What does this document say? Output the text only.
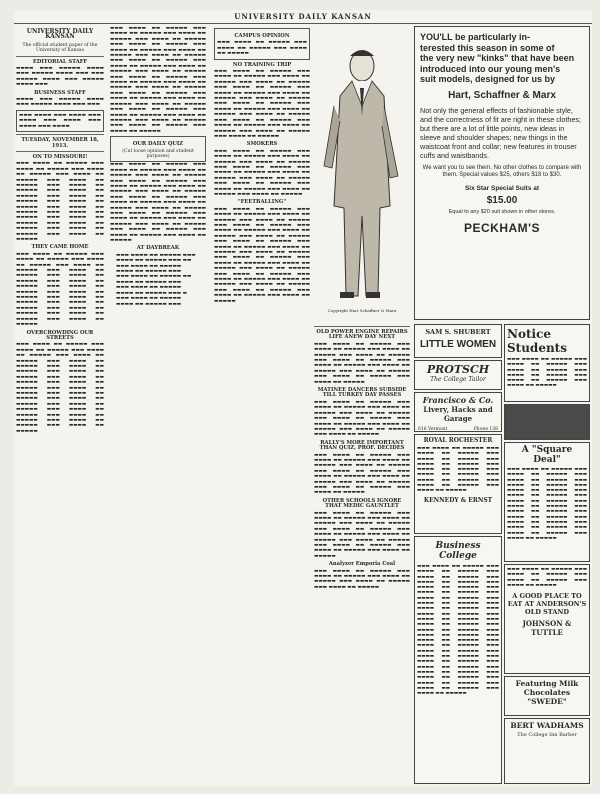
UNIVERSITY DAILY KANSAN
UNIVERSITY DAILY KANSAN
The official student paper of the University of Kansas
EDITORIAL STAFF
▬▬▬▬ ▬▬▬ ▬▬▬▬▬ ▬▬▬▬ ▬▬▬ ▬▬▬▬▬ ▬▬▬▬ ▬▬▬ ▬▬▬ ▬▬▬▬▬ ▬▬▬▬ ▬▬▬ ▬▬▬▬▬ ▬▬▬▬ ▬▬▬
BUSINESS STAFF
▬▬▬▬ ▬▬▬ ▬▬▬▬▬ ▬▬▬▬ ▬▬▬ ▬▬▬▬▬ ▬▬▬▬ ▬▬▬ ▬▬▬
▬▬▬ ▬▬▬▬ ▬▬▬ ▬▬▬▬ ▬▬▬ ▬▬▬▬ ▬▬▬ ▬▬▬▬ ▬▬▬ ▬▬▬▬ ▬▬▬ ▬▬▬▬
TUESDAY, NOVEMBER 18, 1913.
ON TO MISSOURI!
▬▬▬ ▬▬▬▬ ▬▬ ▬▬▬▬▬ ▬▬▬ ▬▬▬▬ ▬▬ ▬▬▬▬▬ ▬▬▬ ▬▬▬▬ ▬▬ ▬▬▬▬▬ ▬▬▬ ▬▬▬▬ ▬▬ ▬▬▬▬▬ ▬▬▬ ▬▬▬▬ ▬▬ ▬▬▬▬▬ ▬▬▬ ▬▬▬▬ ▬▬ ▬▬▬▬▬ ▬▬▬ ▬▬▬▬ ▬▬ ▬▬▬▬▬ ▬▬▬ ▬▬▬▬ ▬▬ ▬▬▬▬▬ ▬▬▬ ▬▬▬▬ ▬▬ ▬▬▬▬▬ ▬▬▬ ▬▬▬▬ ▬▬ ▬▬▬▬▬ ▬▬▬ ▬▬▬▬ ▬▬ ▬▬▬▬▬ ▬▬▬ ▬▬▬▬ ▬▬ ▬▬▬▬▬ ▬▬▬ ▬▬▬▬ ▬▬ ▬▬▬▬▬ ▬▬▬ ▬▬▬▬ ▬▬ ▬▬▬▬▬ ▬▬▬ ▬▬▬▬ ▬▬ ▬▬▬▬▬
THEY CAME HOME
▬▬▬ ▬▬▬▬ ▬▬ ▬▬▬▬▬ ▬▬▬ ▬▬▬▬ ▬▬ ▬▬▬▬▬ ▬▬▬ ▬▬▬▬ ▬▬ ▬▬▬▬▬ ▬▬▬ ▬▬▬▬ ▬▬ ▬▬▬▬▬ ▬▬▬ ▬▬▬▬ ▬▬ ▬▬▬▬▬ ▬▬▬ ▬▬▬▬ ▬▬ ▬▬▬▬▬ ▬▬▬ ▬▬▬▬ ▬▬ ▬▬▬▬▬ ▬▬▬ ▬▬▬▬ ▬▬ ▬▬▬▬▬ ▬▬▬ ▬▬▬▬ ▬▬ ▬▬▬▬▬ ▬▬▬ ▬▬▬▬ ▬▬ ▬▬▬▬▬ ▬▬▬ ▬▬▬▬ ▬▬ ▬▬▬▬▬ ▬▬▬ ▬▬▬▬ ▬▬ ▬▬▬▬▬ ▬▬▬ ▬▬▬▬ ▬▬ ▬▬▬▬▬ ▬▬▬ ▬▬▬▬ ▬▬ ▬▬▬▬▬
OVERCROWDING OUR STREETS
▬▬▬ ▬▬▬▬ ▬▬ ▬▬▬▬▬ ▬▬▬ ▬▬▬▬ ▬▬ ▬▬▬▬▬ ▬▬▬ ▬▬▬▬ ▬▬ ▬▬▬▬▬ ▬▬▬ ▬▬▬▬ ▬▬ ▬▬▬▬▬ ▬▬▬ ▬▬▬▬ ▬▬ ▬▬▬▬▬ ▬▬▬ ▬▬▬▬ ▬▬ ▬▬▬▬▬ ▬▬▬ ▬▬▬▬ ▬▬ ▬▬▬▬▬ ▬▬▬ ▬▬▬▬ ▬▬ ▬▬▬▬▬ ▬▬▬ ▬▬▬▬ ▬▬ ▬▬▬▬▬ ▬▬▬ ▬▬▬▬ ▬▬ ▬▬▬▬▬ ▬▬▬ ▬▬▬▬ ▬▬ ▬▬▬▬▬ ▬▬▬ ▬▬▬▬ ▬▬ ▬▬▬▬▬ ▬▬▬ ▬▬▬▬ ▬▬ ▬▬▬▬▬ ▬▬▬ ▬▬▬▬ ▬▬ ▬▬▬▬▬ ▬▬▬ ▬▬▬▬ ▬▬ ▬▬▬▬▬ ▬▬▬ ▬▬▬▬ ▬▬ ▬▬▬▬▬ ▬▬▬ ▬▬▬▬ ▬▬ ▬▬▬▬▬
▬▬▬ ▬▬▬▬ ▬▬ ▬▬▬▬▬ ▬▬▬ ▬▬▬▬ ▬▬ ▬▬▬▬▬ ▬▬▬ ▬▬▬▬ ▬▬ ▬▬▬▬▬ ▬▬▬ ▬▬▬▬ ▬▬ ▬▬▬▬▬ ▬▬▬ ▬▬▬▬ ▬▬ ▬▬▬▬▬ ▬▬▬ ▬▬▬▬ ▬▬ ▬▬▬▬▬ ▬▬▬ ▬▬▬▬ ▬▬ ▬▬▬▬▬ ▬▬▬ ▬▬▬▬ ▬▬ ▬▬▬▬▬ ▬▬▬ ▬▬▬▬ ▬▬ ▬▬▬▬▬ ▬▬▬ ▬▬▬▬ ▬▬ ▬▬▬▬▬ ▬▬▬ ▬▬▬▬ ▬▬ ▬▬▬▬▬ ▬▬▬ ▬▬▬▬ ▬▬ ▬▬▬▬▬ ▬▬▬ ▬▬▬▬ ▬▬ ▬▬▬▬▬ ▬▬▬ ▬▬▬▬ ▬▬ ▬▬▬▬▬ ▬▬▬ ▬▬▬▬ ▬▬ ▬▬▬▬▬ ▬▬▬ ▬▬▬▬ ▬▬ ▬▬▬▬▬ ▬▬▬ ▬▬▬▬ ▬▬ ▬▬▬▬▬ ▬▬▬ ▬▬▬▬ ▬▬ ▬▬▬▬▬ ▬▬▬ ▬▬▬▬ ▬▬ ▬▬▬▬▬ ▬▬▬ ▬▬▬▬ ▬▬ ▬▬▬▬▬ ▬▬▬ ▬▬▬▬ ▬▬ ▬▬▬▬▬ ▬▬▬ ▬▬▬▬ ▬▬ ▬▬▬▬▬ ▬▬▬ ▬▬▬▬ ▬▬ ▬▬▬▬▬ ▬▬▬ ▬▬▬▬ ▬▬ ▬▬▬▬▬ ▬▬▬ ▬▬▬▬ ▬▬ ▬▬▬▬▬ ▬▬▬ ▬▬▬▬ ▬▬ ▬▬▬▬▬
OUR DAILY QUIZ
(Cut loose opinion and student purposes)
▬▬▬ ▬▬▬▬ ▬▬ ▬▬▬▬▬ ▬▬▬ ▬▬▬▬ ▬▬ ▬▬▬▬▬ ▬▬▬ ▬▬▬▬ ▬▬ ▬▬▬▬▬ ▬▬▬ ▬▬▬▬ ▬▬ ▬▬▬▬▬ ▬▬▬ ▬▬▬▬ ▬▬ ▬▬▬▬▬ ▬▬▬ ▬▬▬▬ ▬▬ ▬▬▬▬▬ ▬▬▬ ▬▬▬▬ ▬▬ ▬▬▬▬▬ ▬▬▬ ▬▬▬▬ ▬▬ ▬▬▬▬▬ ▬▬▬ ▬▬▬▬ ▬▬ ▬▬▬▬▬ ▬▬▬ ▬▬▬▬ ▬▬ ▬▬▬▬▬ ▬▬▬ ▬▬▬▬ ▬▬ ▬▬▬▬▬ ▬▬▬ ▬▬▬▬ ▬▬ ▬▬▬▬▬ ▬▬▬ ▬▬▬▬ ▬▬ ▬▬▬▬▬ ▬▬▬ ▬▬▬▬ ▬▬ ▬▬▬▬▬ ▬▬▬ ▬▬▬▬ ▬▬ ▬▬▬▬▬ ▬▬▬ ▬▬▬▬ ▬▬ ▬▬▬▬▬ ▬▬▬ ▬▬▬▬ ▬▬ ▬▬▬▬▬ ▬▬▬ ▬▬▬▬ ▬▬ ▬▬▬▬▬ ▬▬▬ ▬▬▬▬ ▬▬ ▬▬▬▬▬
AT DAYBREAK
▬▬▬ ▬▬▬▬ ▬▬ ▬▬▬▬▬ ▬▬▬
▬▬▬▬ ▬▬ ▬▬▬▬▬ ▬▬▬ ▬▬
▬▬▬ ▬▬▬▬ ▬▬ ▬▬▬▬▬
▬▬▬▬ ▬▬ ▬▬▬▬▬ ▬▬▬
▬▬▬ ▬▬▬▬ ▬▬ ▬▬▬▬▬ ▬▬
▬▬▬▬ ▬▬ ▬▬▬▬▬ ▬▬▬
▬▬▬ ▬▬▬▬ ▬▬ ▬▬▬▬▬
▬▬▬▬ ▬▬ ▬▬▬▬▬ ▬▬▬ ▬
▬▬▬ ▬▬▬▬ ▬▬ ▬▬▬▬▬
▬▬▬▬ ▬▬ ▬▬▬▬▬ ▬▬▬
CAMPUS OPINION
▬▬▬ ▬▬▬▬ ▬▬ ▬▬▬▬▬ ▬▬▬ ▬▬▬▬ ▬▬ ▬▬▬▬▬ ▬▬▬ ▬▬▬▬ ▬▬ ▬▬▬▬▬
NO TRAINING TRIP
▬▬▬ ▬▬▬▬ ▬▬ ▬▬▬▬▬ ▬▬▬ ▬▬▬▬ ▬▬ ▬▬▬▬▬ ▬▬▬ ▬▬▬▬ ▬▬ ▬▬▬▬▬ ▬▬▬ ▬▬▬▬ ▬▬ ▬▬▬▬▬ ▬▬▬ ▬▬▬▬ ▬▬ ▬▬▬▬▬ ▬▬▬ ▬▬▬▬ ▬▬ ▬▬▬▬▬ ▬▬▬ ▬▬▬▬ ▬▬ ▬▬▬▬▬ ▬▬▬ ▬▬▬▬ ▬▬ ▬▬▬▬▬ ▬▬▬ ▬▬▬▬ ▬▬ ▬▬▬▬▬ ▬▬▬ ▬▬▬▬ ▬▬ ▬▬▬▬▬ ▬▬▬ ▬▬▬▬ ▬▬ ▬▬▬▬▬ ▬▬▬ ▬▬▬▬ ▬▬ ▬▬▬▬▬ ▬▬▬ ▬▬▬▬ ▬▬ ▬▬▬▬▬ ▬▬▬ ▬▬▬▬ ▬▬ ▬▬▬▬▬ ▬▬▬ ▬▬▬▬ ▬▬ ▬▬▬▬▬ ▬▬▬ ▬▬▬▬ ▬▬ ▬▬▬▬▬ ▬▬▬ ▬▬▬▬ ▬▬ ▬▬▬▬▬
SMOKERS
▬▬▬ ▬▬▬▬ ▬▬ ▬▬▬▬▬ ▬▬▬ ▬▬▬▬ ▬▬ ▬▬▬▬▬ ▬▬▬ ▬▬▬▬ ▬▬ ▬▬▬▬▬ ▬▬▬ ▬▬▬▬ ▬▬ ▬▬▬▬▬ ▬▬▬ ▬▬▬▬ ▬▬ ▬▬▬▬▬ ▬▬▬ ▬▬▬▬ ▬▬ ▬▬▬▬▬ ▬▬▬ ▬▬▬▬ ▬▬ ▬▬▬▬▬ ▬▬▬ ▬▬▬▬ ▬▬ ▬▬▬▬▬ ▬▬▬ ▬▬▬▬ ▬▬ ▬▬▬▬▬ ▬▬▬ ▬▬▬▬ ▬▬ ▬▬▬▬▬ ▬▬▬ ▬▬▬▬ ▬▬ ▬▬▬▬▬ ▬▬▬ ▬▬▬▬ ▬▬ ▬▬▬▬▬
"FEETBALLING"
▬▬▬ ▬▬▬▬ ▬▬ ▬▬▬▬▬ ▬▬▬ ▬▬▬▬ ▬▬ ▬▬▬▬▬ ▬▬▬ ▬▬▬▬ ▬▬ ▬▬▬▬▬ ▬▬▬ ▬▬▬▬ ▬▬ ▬▬▬▬▬ ▬▬▬ ▬▬▬▬ ▬▬ ▬▬▬▬▬ ▬▬▬ ▬▬▬▬ ▬▬ ▬▬▬▬▬ ▬▬▬ ▬▬▬▬ ▬▬ ▬▬▬▬▬ ▬▬▬ ▬▬▬▬ ▬▬ ▬▬▬▬▬ ▬▬▬ ▬▬▬▬ ▬▬ ▬▬▬▬▬ ▬▬▬ ▬▬▬▬ ▬▬ ▬▬▬▬▬ ▬▬▬ ▬▬▬▬ ▬▬ ▬▬▬▬▬ ▬▬▬ ▬▬▬▬ ▬▬ ▬▬▬▬▬ ▬▬▬ ▬▬▬▬ ▬▬ ▬▬▬▬▬ ▬▬▬ ▬▬▬▬ ▬▬ ▬▬▬▬▬ ▬▬▬ ▬▬▬▬ ▬▬ ▬▬▬▬▬ ▬▬▬ ▬▬▬▬ ▬▬ ▬▬▬▬▬ ▬▬▬ ▬▬▬▬ ▬▬ ▬▬▬▬▬ ▬▬▬ ▬▬▬▬ ▬▬ ▬▬▬▬▬ ▬▬▬ ▬▬▬▬ ▬▬ ▬▬▬▬▬ ▬▬▬ ▬▬▬▬ ▬▬ ▬▬▬▬▬ ▬▬▬ ▬▬▬▬ ▬▬ ▬▬▬▬▬ ▬▬▬ ▬▬▬▬ ▬▬ ▬▬▬▬▬ ▬▬▬ ▬▬▬▬ ▬▬ ▬▬▬▬▬
OLD POWER ENGINE REPAIRS LIFE ANEW DAY NEXT
▬▬▬ ▬▬▬▬ ▬▬ ▬▬▬▬▬ ▬▬▬ ▬▬▬▬ ▬▬ ▬▬▬▬▬ ▬▬▬ ▬▬▬▬ ▬▬ ▬▬▬▬▬ ▬▬▬ ▬▬▬▬ ▬▬ ▬▬▬▬▬ ▬▬▬ ▬▬▬▬ ▬▬ ▬▬▬▬▬ ▬▬▬ ▬▬▬▬ ▬▬ ▬▬▬▬▬ ▬▬▬ ▬▬▬▬ ▬▬ ▬▬▬▬▬ ▬▬▬ ▬▬▬▬ ▬▬ ▬▬▬▬▬ ▬▬▬ ▬▬▬▬ ▬▬ ▬▬▬▬▬ ▬▬▬ ▬▬▬▬ ▬▬ ▬▬▬▬▬
MATINEE DANCERS SUBSIDE TILL TURKEY DAY PASSES
▬▬▬ ▬▬▬▬ ▬▬ ▬▬▬▬▬ ▬▬▬ ▬▬▬▬ ▬▬ ▬▬▬▬▬ ▬▬▬ ▬▬▬▬ ▬▬ ▬▬▬▬▬ ▬▬▬ ▬▬▬▬ ▬▬ ▬▬▬▬▬ ▬▬▬ ▬▬▬▬ ▬▬ ▬▬▬▬▬ ▬▬▬ ▬▬▬▬ ▬▬ ▬▬▬▬▬ ▬▬▬ ▬▬▬▬ ▬▬ ▬▬▬▬▬ ▬▬▬ ▬▬▬▬ ▬▬ ▬▬▬▬▬ ▬▬▬ ▬▬▬▬ ▬▬ ▬▬▬▬▬
RALLY'S MORE IMPORTANT THAN QUIZ, PROF. DECIDES
▬▬▬ ▬▬▬▬ ▬▬ ▬▬▬▬▬ ▬▬▬ ▬▬▬▬ ▬▬ ▬▬▬▬▬ ▬▬▬ ▬▬▬▬ ▬▬ ▬▬▬▬▬ ▬▬▬ ▬▬▬▬ ▬▬ ▬▬▬▬▬ ▬▬▬ ▬▬▬▬ ▬▬ ▬▬▬▬▬ ▬▬▬ ▬▬▬▬ ▬▬ ▬▬▬▬▬ ▬▬▬ ▬▬▬▬ ▬▬ ▬▬▬▬▬ ▬▬▬ ▬▬▬▬ ▬▬ ▬▬▬▬▬ ▬▬▬ ▬▬▬▬ ▬▬ ▬▬▬▬▬ ▬▬▬ ▬▬▬▬ ▬▬ ▬▬▬▬▬
OTHER SCHOOLS IGNORE THAT MEDIC GAUNTLET
▬▬▬ ▬▬▬▬ ▬▬ ▬▬▬▬▬ ▬▬▬ ▬▬▬▬ ▬▬ ▬▬▬▬▬ ▬▬▬ ▬▬▬▬ ▬▬ ▬▬▬▬▬ ▬▬▬ ▬▬▬▬ ▬▬ ▬▬▬▬▬ ▬▬▬ ▬▬▬▬ ▬▬ ▬▬▬▬▬ ▬▬▬ ▬▬▬▬ ▬▬ ▬▬▬▬▬ ▬▬▬ ▬▬▬▬ ▬▬ ▬▬▬▬▬ ▬▬▬ ▬▬▬▬ ▬▬ ▬▬▬▬▬ ▬▬▬ ▬▬▬▬ ▬▬ ▬▬▬▬▬ ▬▬▬ ▬▬▬▬ ▬▬ ▬▬▬▬▬ ▬▬▬ ▬▬▬▬ ▬▬ ▬▬▬▬▬
Analyzer Emporia Coal
▬▬▬ ▬▬▬▬ ▬▬ ▬▬▬▬▬ ▬▬▬ ▬▬▬▬ ▬▬ ▬▬▬▬▬ ▬▬▬ ▬▬▬▬ ▬▬ ▬▬▬▬▬ ▬▬▬ ▬▬▬▬ ▬▬ ▬▬▬▬▬ ▬▬▬ ▬▬▬▬ ▬▬ ▬▬▬▬▬
Copyright Hart Schaffner & Marx
YOU'LL be particularly in-
terested this season in some of
the very new "kinks" that have been
introduced into our young men's
suit models, designed for us by
Hart, Schaffner & Marx
Not only the general effects of fashionable style, and the correctness of fit are right in these clothes; but there are a lot of little points, new ideas in sleeve and shoulder shapes; new things in the waistcoat front and collar; new features in trouser cuffs and waistbands.
We want you to see them. No other clothes to compare with them. Special values $25, others $18 to $30.
Six Star Special Suits at
$15.00
Equal to any $20 suit shown in other stores.
PECKHAM'S
SAM S. SHUBERT
LITTLE WOMEN
PROTSCH
The College Tailor
Francisco & Co.
Livery, Hacks and Garage
616 Vermont	Phone 138
ROYAL ROCHESTER
▬▬▬ ▬▬▬▬ ▬▬ ▬▬▬▬▬ ▬▬▬ ▬▬▬▬ ▬▬ ▬▬▬▬▬ ▬▬▬ ▬▬▬▬ ▬▬ ▬▬▬▬▬ ▬▬▬ ▬▬▬▬ ▬▬ ▬▬▬▬▬ ▬▬▬ ▬▬▬▬ ▬▬ ▬▬▬▬▬ ▬▬▬ ▬▬▬▬ ▬▬ ▬▬▬▬▬ ▬▬▬ ▬▬▬▬ ▬▬ ▬▬▬▬▬ ▬▬▬ ▬▬▬▬ ▬▬ ▬▬▬▬▬ ▬▬▬ ▬▬▬▬ ▬▬ ▬▬▬▬▬
KENNEDY & ERNST
Business College
▬▬▬ ▬▬▬▬ ▬▬ ▬▬▬▬▬ ▬▬▬ ▬▬▬▬ ▬▬ ▬▬▬▬▬ ▬▬▬ ▬▬▬▬ ▬▬ ▬▬▬▬▬ ▬▬▬ ▬▬▬▬ ▬▬ ▬▬▬▬▬ ▬▬▬ ▬▬▬▬ ▬▬ ▬▬▬▬▬ ▬▬▬ ▬▬▬▬ ▬▬ ▬▬▬▬▬ ▬▬▬ ▬▬▬▬ ▬▬ ▬▬▬▬▬ ▬▬▬ ▬▬▬▬ ▬▬ ▬▬▬▬▬ ▬▬▬ ▬▬▬▬ ▬▬ ▬▬▬▬▬ ▬▬▬ ▬▬▬▬ ▬▬ ▬▬▬▬▬ ▬▬▬ ▬▬▬▬ ▬▬ ▬▬▬▬▬ ▬▬▬ ▬▬▬▬ ▬▬ ▬▬▬▬▬ ▬▬▬ ▬▬▬▬ ▬▬ ▬▬▬▬▬ ▬▬▬ ▬▬▬▬ ▬▬ ▬▬▬▬▬ ▬▬▬ ▬▬▬▬ ▬▬ ▬▬▬▬▬ ▬▬▬ ▬▬▬▬ ▬▬ ▬▬▬▬▬ ▬▬▬ ▬▬▬▬ ▬▬ ▬▬▬▬▬ ▬▬▬ ▬▬▬▬ ▬▬ ▬▬▬▬▬ ▬▬▬ ▬▬▬▬ ▬▬ ▬▬▬▬▬ ▬▬▬ ▬▬▬▬ ▬▬ ▬▬▬▬▬ ▬▬▬ ▬▬▬▬ ▬▬ ▬▬▬▬▬ ▬▬▬ ▬▬▬▬ ▬▬ ▬▬▬▬▬ ▬▬▬ ▬▬▬▬ ▬▬ ▬▬▬▬▬ ▬▬▬ ▬▬▬▬ ▬▬ ▬▬▬▬▬ ▬▬▬ ▬▬▬▬ ▬▬ ▬▬▬▬▬
Notice
Students
▬▬▬ ▬▬▬▬ ▬▬ ▬▬▬▬▬ ▬▬▬ ▬▬▬▬ ▬▬ ▬▬▬▬▬ ▬▬▬ ▬▬▬▬ ▬▬ ▬▬▬▬▬ ▬▬▬ ▬▬▬▬ ▬▬ ▬▬▬▬▬ ▬▬▬ ▬▬▬▬ ▬▬ ▬▬▬▬▬ ▬▬▬ ▬▬▬▬ ▬▬ ▬▬▬▬▬
A "Square Deal"
▬▬▬ ▬▬▬▬ ▬▬ ▬▬▬▬▬ ▬▬▬ ▬▬▬▬ ▬▬ ▬▬▬▬▬ ▬▬▬ ▬▬▬▬ ▬▬ ▬▬▬▬▬ ▬▬▬ ▬▬▬▬ ▬▬ ▬▬▬▬▬ ▬▬▬ ▬▬▬▬ ▬▬ ▬▬▬▬▬ ▬▬▬ ▬▬▬▬ ▬▬ ▬▬▬▬▬ ▬▬▬ ▬▬▬▬ ▬▬ ▬▬▬▬▬ ▬▬▬ ▬▬▬▬ ▬▬ ▬▬▬▬▬ ▬▬▬ ▬▬▬▬ ▬▬ ▬▬▬▬▬ ▬▬▬ ▬▬▬▬ ▬▬ ▬▬▬▬▬ ▬▬▬ ▬▬▬▬ ▬▬ ▬▬▬▬▬ ▬▬▬ ▬▬▬▬ ▬▬ ▬▬▬▬▬ ▬▬▬ ▬▬▬▬ ▬▬ ▬▬▬▬▬ ▬▬▬ ▬▬▬▬ ▬▬ ▬▬▬▬▬
▬▬▬ ▬▬▬▬ ▬▬ ▬▬▬▬▬ ▬▬▬ ▬▬▬▬ ▬▬ ▬▬▬▬▬ ▬▬▬ ▬▬▬▬ ▬▬ ▬▬▬▬▬ ▬▬▬ ▬▬▬▬ ▬▬ ▬▬▬▬▬
A GOOD PLACE TO EAT AT ANDERSON'S OLD STAND
JOHNSON & TUTTLE
Featuring Milk Chocolates "SWEDE"
BERT WADHAMS
The College Inn Barber
